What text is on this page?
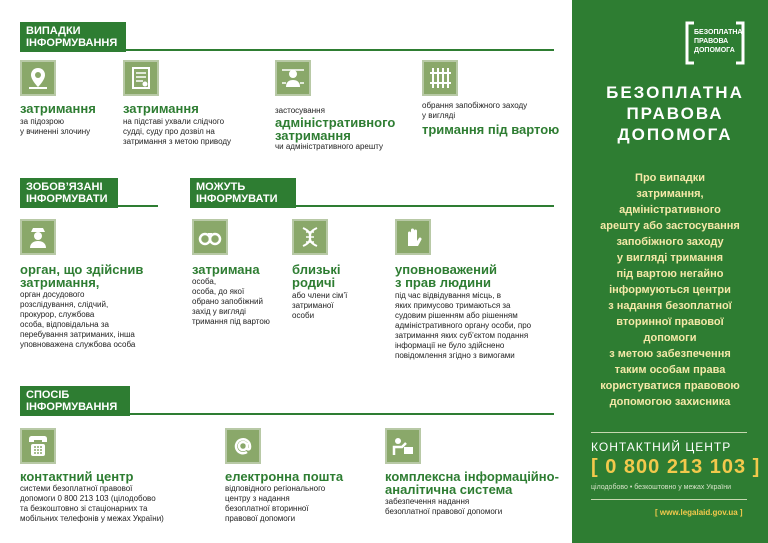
ВИПАДКИ
ІНФОРМУВАННЯ
затримання
за підозрою
у вчиненні злочину
затримання
на підставі ухвали слідчого
судді, суду про дозвіл на
затримання з метою приводу
застосування
адміністративного
затримання
чи адміністративного арешту
обрання запобіжного заходу
у вигляді
тримання під вартою
ЗОБОВ’ЯЗАНІ
ІНФОРМУВАТИ
МОЖУТЬ
ІНФОРМУВАТИ
орган, що здійснив
затримання,
орган досудового
розслідування, слідчий,
прокурор, службова
особа, відповідальна за
перебування затриманих, інша
уповноважена службова особа
затримана
особа,
особа, до якої
обрано запобіжний
захід у вигляді
тримання під вартою
близькі
родичі
або члени сім’ї
затриманої
особи
уповноважений
з прав людини
під час відвідування місць, в
яких примусово тримаються за
судовим рішенням або рішенням
адміністративного органу особи, про
затримання яких суб’єктом подання
інформації не було здійснено
повідомлення згідно з вимогами
СПОСІБ
ІНФОРМУВАННЯ
контактний центр
системи безоплатної правової
допомоги 0 800 213 103 (цілодобово
та безкоштовно зі стаціонарних та
мобільних телефонів у межах України)
електронна пошта
відповідного регіонального
центру з надання
безоплатної вторинної
правової допомоги
комплексна інформаційно-
аналітична система
забезпечення надання
безоплатної правової допомоги
БЕЗОПЛАТНА
ПРАВОВА
ДОПОМОГА
БЕЗОПЛАТНА
ПРАВОВА
ДОПОМОГА
Про випадки
затримання,
адміністративного
арешту або застосування
запобіжного заходу
у вигляді тримання
під вартою негайно
інформуються центри
з надання безоплатної
вторинної правової
допомоги
з метою забезпечення
таким особам права
користуватися правовою
допомогою захисника
КОНТАКТНИЙ ЦЕНТР
[ 0 800 213 103 ]
цілодобово • безкоштовно у межах України
[ www.legalaid.gov.ua ]
